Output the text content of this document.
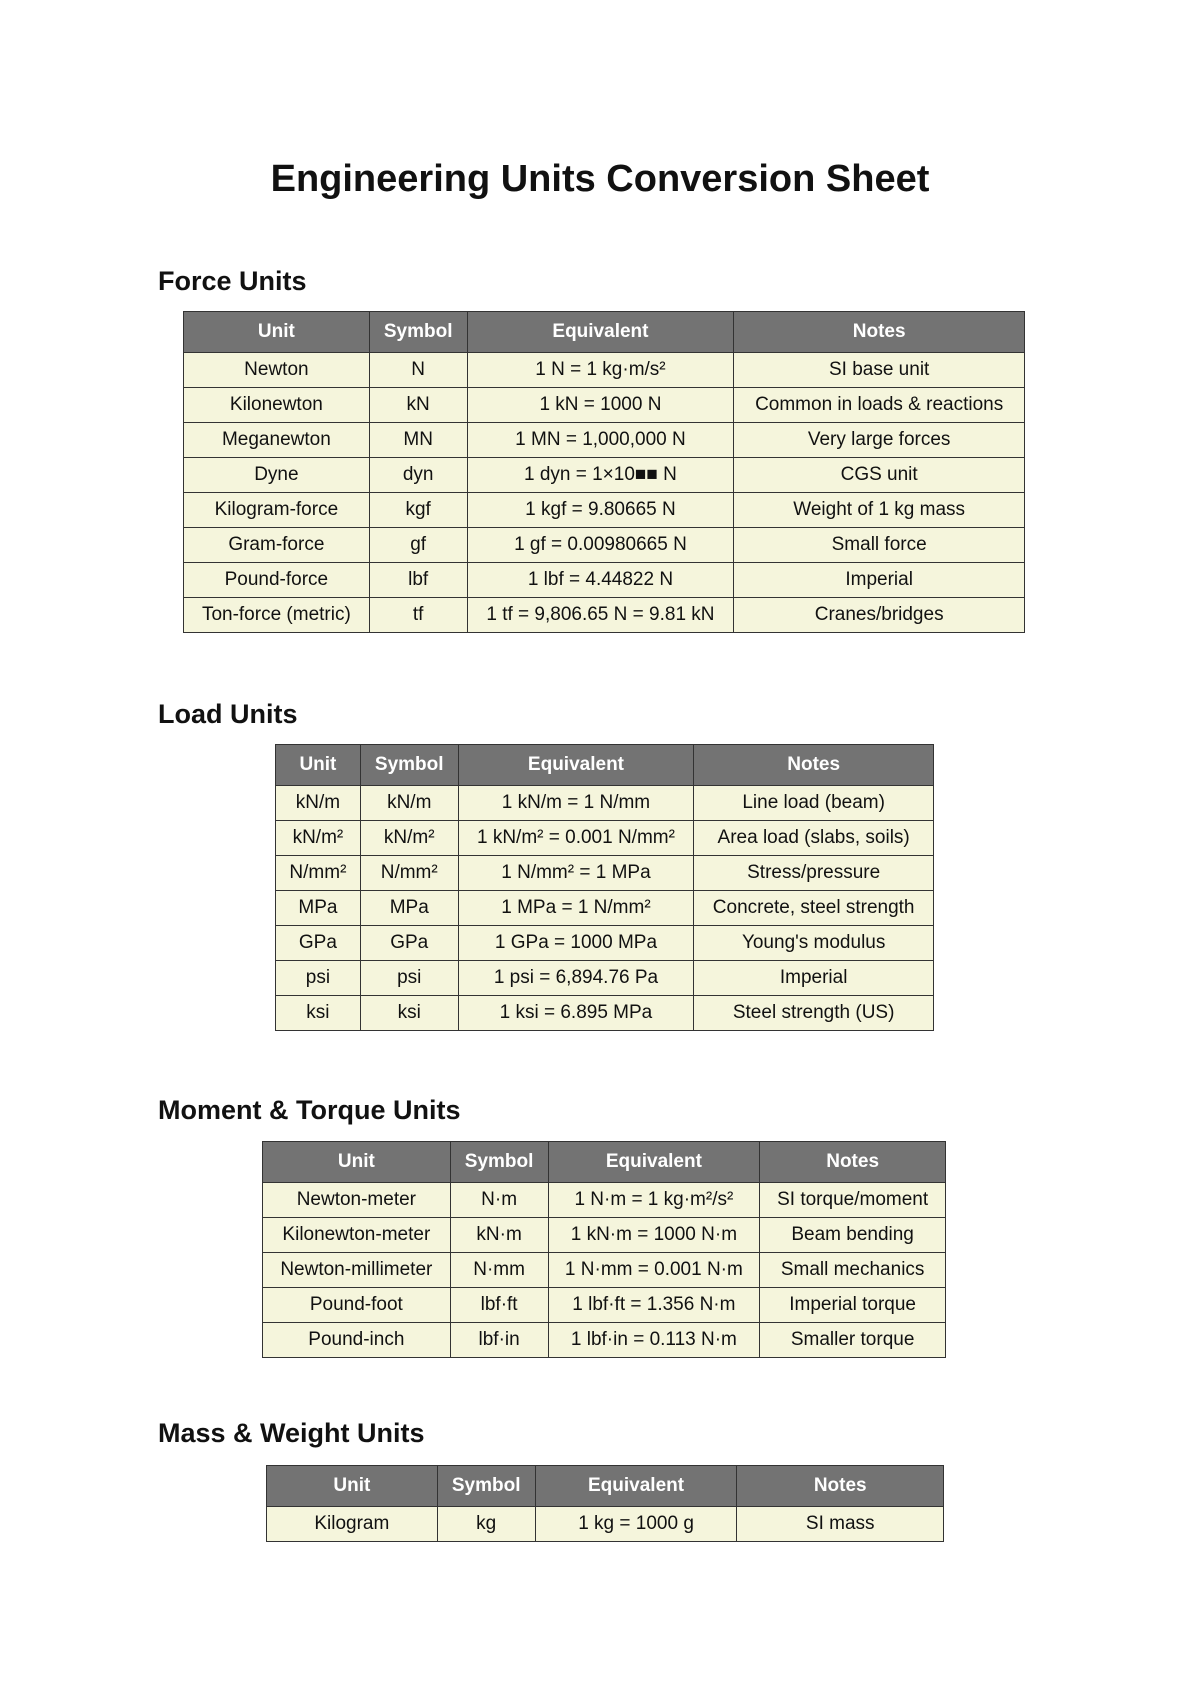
Engineering Units Conversion Sheet
Force Units
Unit	Symbol	Equivalent	Notes
Newton	N	1 N = 1 kg·m/s²	SI base unit
Kilonewton	kN	1 kN = 1000 N	Common in loads & reactions
Meganewton	MN	1 MN = 1,000,000 N	Very large forces
Dyne	dyn	1 dyn = 1×10■■ N	CGS unit
Kilogram-force	kgf	1 kgf = 9.80665 N	Weight of 1 kg mass
Gram-force	gf	1 gf = 0.00980665 N	Small force
Pound-force	lbf	1 lbf = 4.44822 N	Imperial
Ton-force (metric)	tf	1 tf = 9,806.65 N = 9.81 kN	Cranes/bridges
Load Units
Unit	Symbol	Equivalent	Notes
kN/m	kN/m	1 kN/m = 1 N/mm	Line load (beam)
kN/m²	kN/m²	1 kN/m² = 0.001 N/mm²	Area load (slabs, soils)
N/mm²	N/mm²	1 N/mm² = 1 MPa	Stress/pressure
MPa	MPa	1 MPa = 1 N/mm²	Concrete, steel strength
GPa	GPa	1 GPa = 1000 MPa	Young's modulus
psi	psi	1 psi = 6,894.76 Pa	Imperial
ksi	ksi	1 ksi = 6.895 MPa	Steel strength (US)
Moment & Torque Units
Unit	Symbol	Equivalent	Notes
Newton-meter	N·m	1 N·m = 1 kg·m²/s²	SI torque/moment
Kilonewton-meter	kN·m	1 kN·m = 1000 N·m	Beam bending
Newton-millimeter	N·mm	1 N·mm = 0.001 N·m	Small mechanics
Pound-foot	lbf·ft	1 lbf·ft = 1.356 N·m	Imperial torque
Pound-inch	lbf·in	1 lbf·in = 0.113 N·m	Smaller torque
Mass & Weight Units
Unit	Symbol	Equivalent	Notes
Kilogram	kg	1 kg = 1000 g	SI mass
